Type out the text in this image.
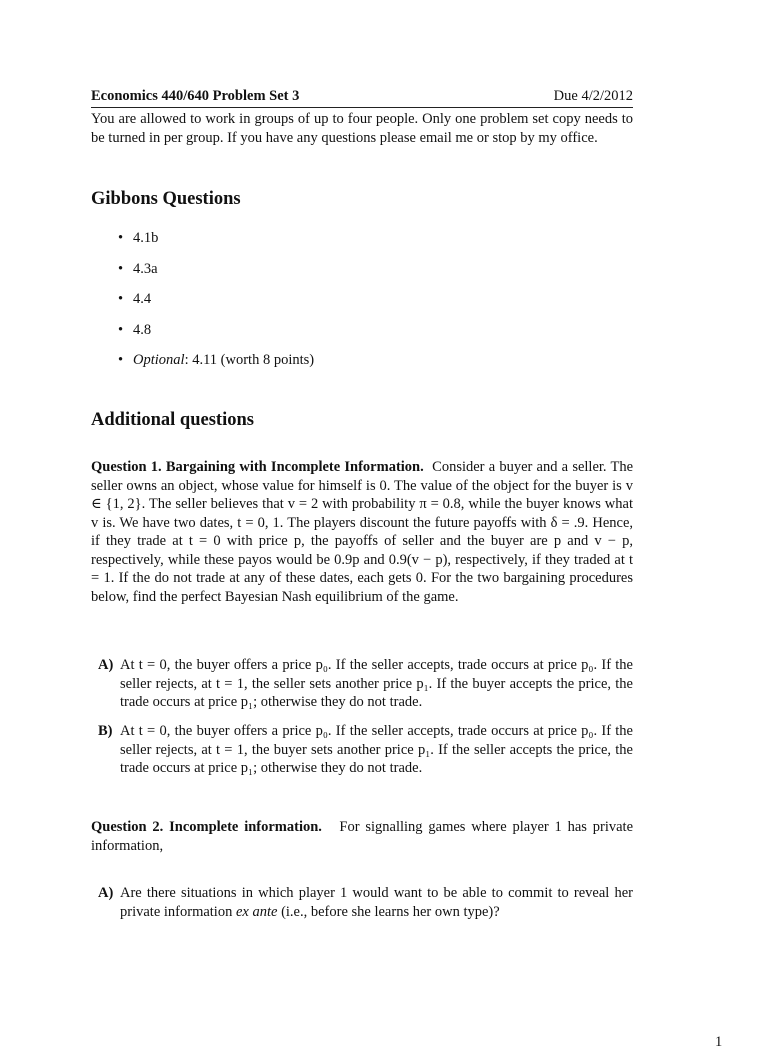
Economics 440/640 Problem Set 3	Due 4/2/2012

You are allowed to work in groups of up to four people. Only one problem set copy needs to be turned in per group. If you have any questions please email me or stop by my office.

Gibbons Questions
• 4.1b
• 4.3a
• 4.4
• 4.8
• Optional: 4.11 (worth 8 points)
Additional questions

Question 1. Bargaining with Incomplete Information. Consider a buyer and a seller. The seller owns an object, whose value for himself is 0. The value of the object for the buyer is v ∈ {1, 2}. The seller believes that v = 2 with probability π = 0.8, while the buyer knows what v is. We have two dates, t = 0, 1. The players discount the future payoffs with δ = .9. Hence, if they trade at t = 0 with price p, the payoffs of seller and the buyer are p and v − p, respectively, while these payos would be 0.9p and 0.9(v − p), respectively, if they traded at t = 1. If the do not trade at any of these dates, each gets 0. For the two bargaining procedures below, find the perfect Bayesian Nash equilibrium of the game.

A) At t = 0, the buyer offers a price p₀. If the seller accepts, trade occurs at price p₀. If the seller rejects, at t = 1, the seller sets another price p₁. If the buyer accepts the price, the trade occurs at price p₁; otherwise they do not trade.
B) At t = 0, the buyer offers a price p₀. If the seller accepts, trade occurs at price p₀. If the seller rejects, at t = 1, the buyer sets another price p₁. If the seller accepts the price, the trade occurs at price p₁; otherwise they do not trade.

Question 2. Incomplete information. For signalling games where player 1 has private information,

A) Are there situations in which player 1 would want to be able to commit to reveal her private information ex ante (i.e., before she learns her own type)?
1
